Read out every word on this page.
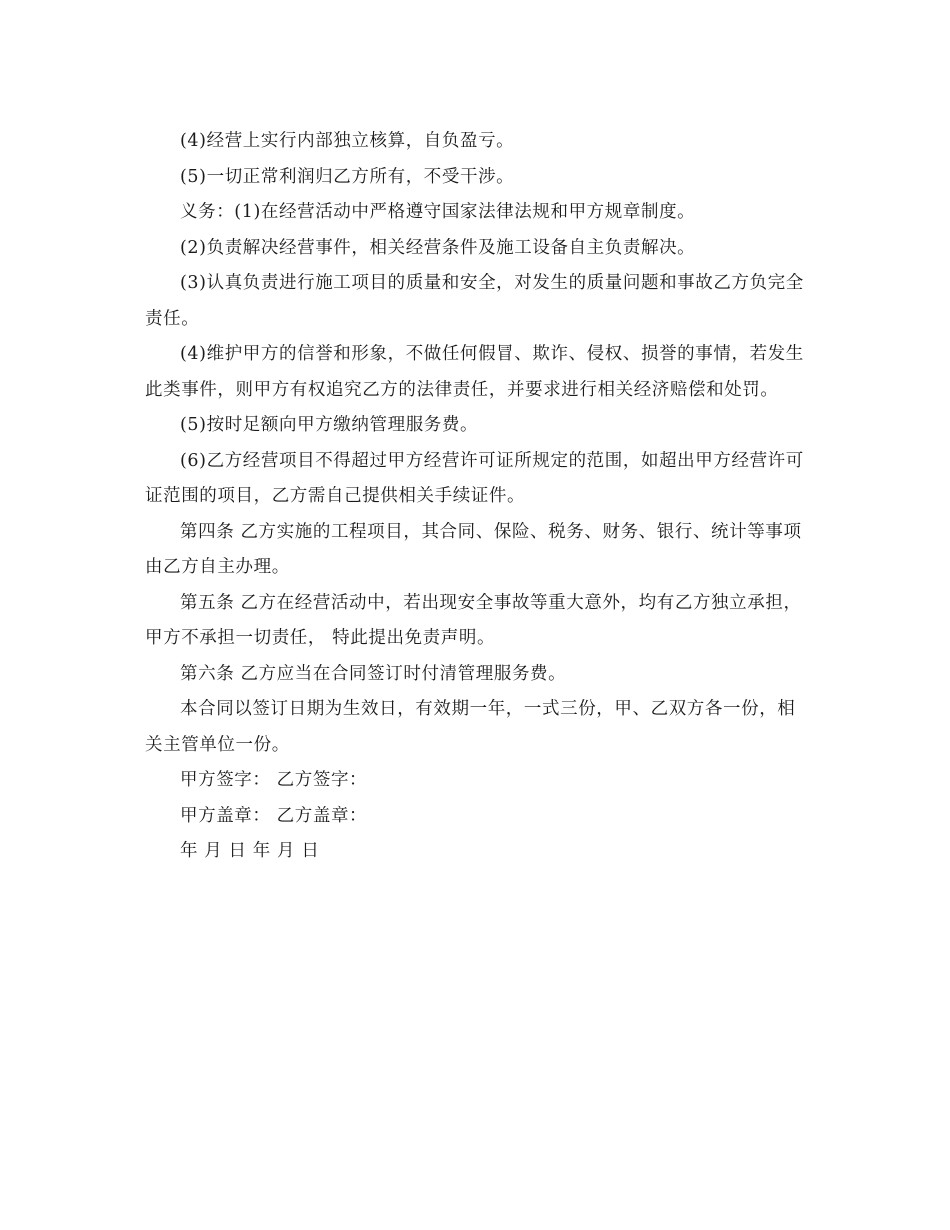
(4)经营上实行内部独立核算，自负盈亏。

(5)一切正常利润归乙方所有，不受干涉。

义务：(1)在经营活动中严格遵守国家法律法规和甲方规章制度。

(2)负责解决经营事件，相关经营条件及施工设备自主负责解决。

(3)认真负责进行施工项目的质量和安全，对发生的质量问题和事故乙方负完全责任。

(4)维护甲方的信誉和形象，不做任何假冒、欺诈、侵权、损誉的事情，若发生此类事件，则甲方有权追究乙方的法律责任，并要求进行相关经济赔偿和处罚。

(5)按时足额向甲方缴纳管理服务费。

(6)乙方经营项目不得超过甲方经营许可证所规定的范围，如超出甲方经营许可证范围的项目，乙方需自己提供相关手续证件。

第四条 乙方实施的工程项目，其合同、保险、税务、财务、银行、统计等事项由乙方自主办理。

第五条 乙方在经营活动中，若出现安全事故等重大意外，均有乙方独立承担，甲方不承担一切责任， 特此提出免责声明。

第六条 乙方应当在合同签订时付清管理服务费。

本合同以签订日期为生效日，有效期一年，一式三份，甲、乙双方各一份，相关主管单位一份。

甲方签字： 乙方签字：

甲方盖章： 乙方盖章：

年 月 日 年 月 日
